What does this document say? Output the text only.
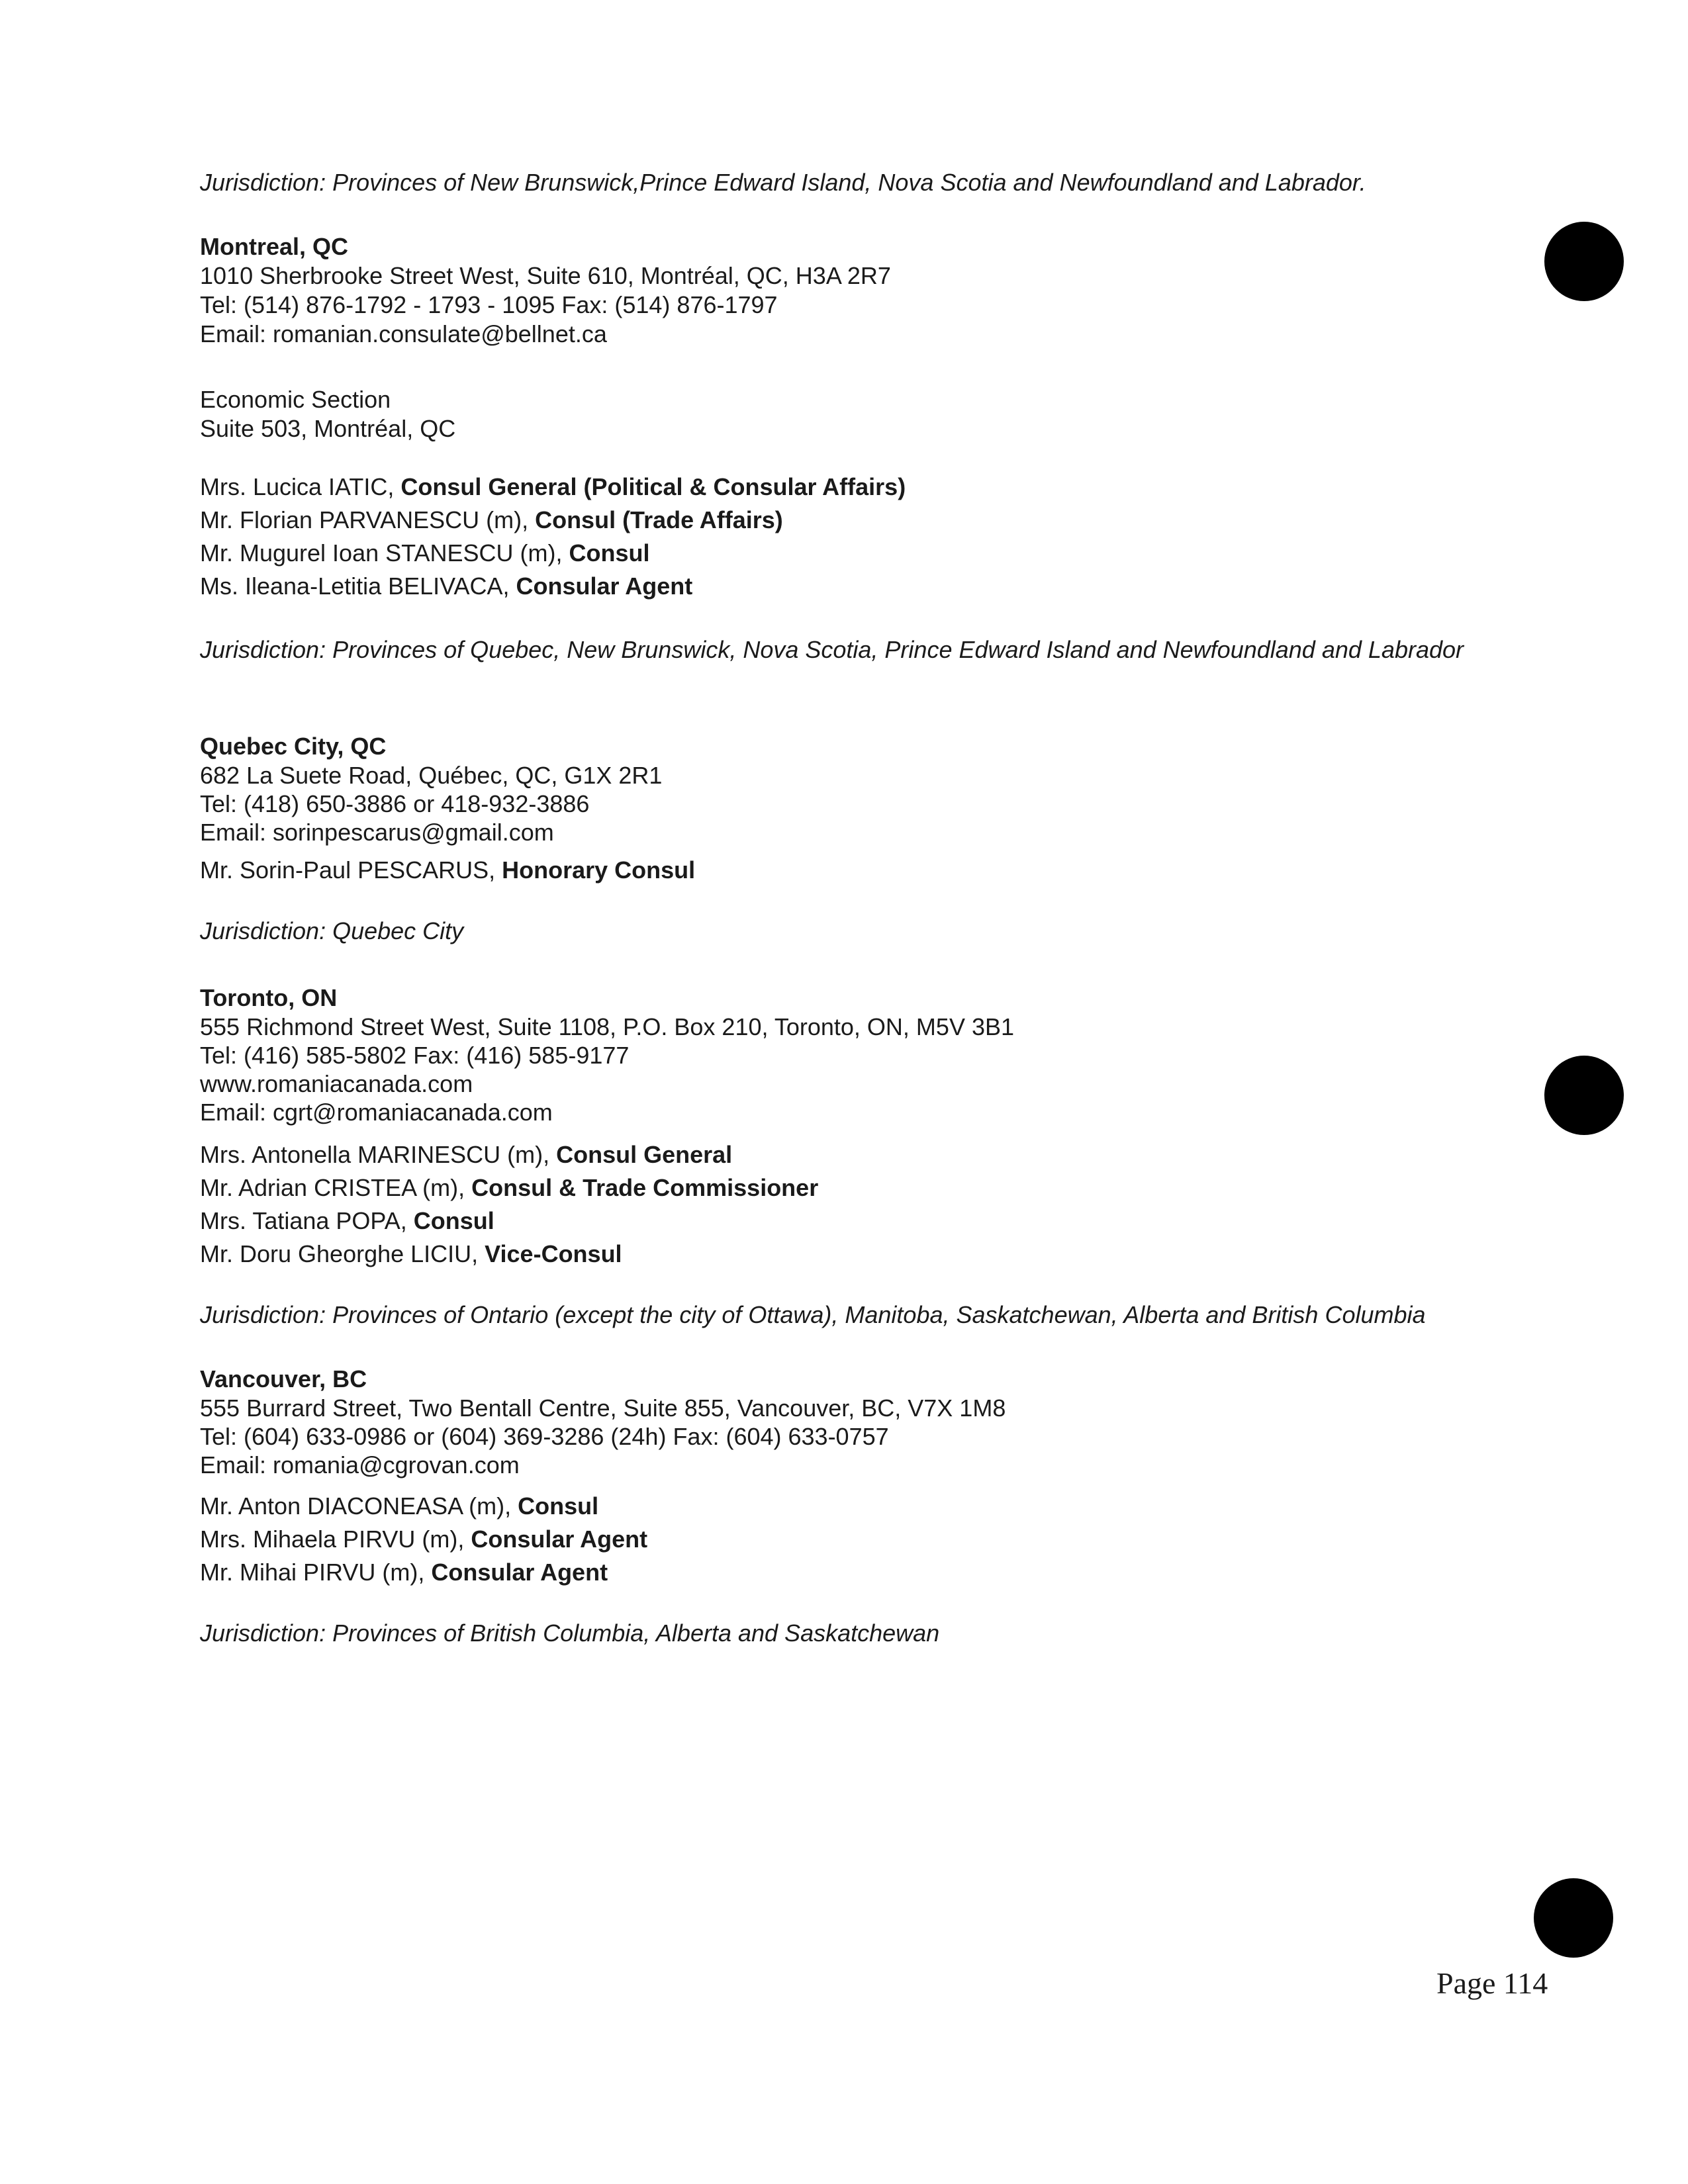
Jurisdiction: Provinces of New Brunswick,Prince Edward Island, Nova Scotia and Newfoundland and Labrador.
Montreal, QC
1010 Sherbrooke Street West, Suite 610, Montréal, QC, H3A 2R7
Tel: (514) 876-1792 - 1793 - 1095 Fax: (514) 876-1797
Email: romanian.consulate@bellnet.ca
Economic Section
Suite 503, Montréal, QC
Mrs. Lucica IATIC, Consul General (Political & Consular Affairs)
Mr. Florian PARVANESCU (m), Consul (Trade Affairs)
Mr. Mugurel Ioan STANESCU (m), Consul
Ms. Ileana-Letitia BELIVACA, Consular Agent
Jurisdiction: Provinces of Quebec, New Brunswick, Nova Scotia, Prince Edward Island and Newfoundland and Labrador
Quebec City, QC
682 La Suete Road, Québec, QC, G1X 2R1
Tel: (418) 650-3886 or 418-932-3886
Email: sorinpescarus@gmail.com
Mr. Sorin-Paul PESCARUS, Honorary Consul
Jurisdiction: Quebec City
Toronto, ON
555 Richmond Street West, Suite 1108, P.O. Box 210, Toronto, ON, M5V 3B1
Tel: (416) 585-5802 Fax: (416) 585-9177
www.romaniacanada.com
Email: cgrt@romaniacanada.com
Mrs. Antonella MARINESCU (m), Consul General
Mr. Adrian CRISTEA (m), Consul & Trade Commissioner
Mrs. Tatiana POPA, Consul
Mr. Doru Gheorghe LICIU, Vice-Consul
Jurisdiction: Provinces of Ontario (except the city of Ottawa), Manitoba, Saskatchewan, Alberta and British Columbia
Vancouver, BC
555 Burrard Street, Two Bentall Centre, Suite 855, Vancouver, BC, V7X 1M8
Tel: (604) 633-0986 or (604) 369-3286 (24h) Fax: (604) 633-0757
Email: romania@cgrovan.com
Mr. Anton DIACONEASA (m), Consul
Mrs. Mihaela PIRVU (m), Consular Agent
Mr. Mihai PIRVU (m), Consular Agent
Jurisdiction: Provinces of British Columbia, Alberta and Saskatchewan
Page 114
